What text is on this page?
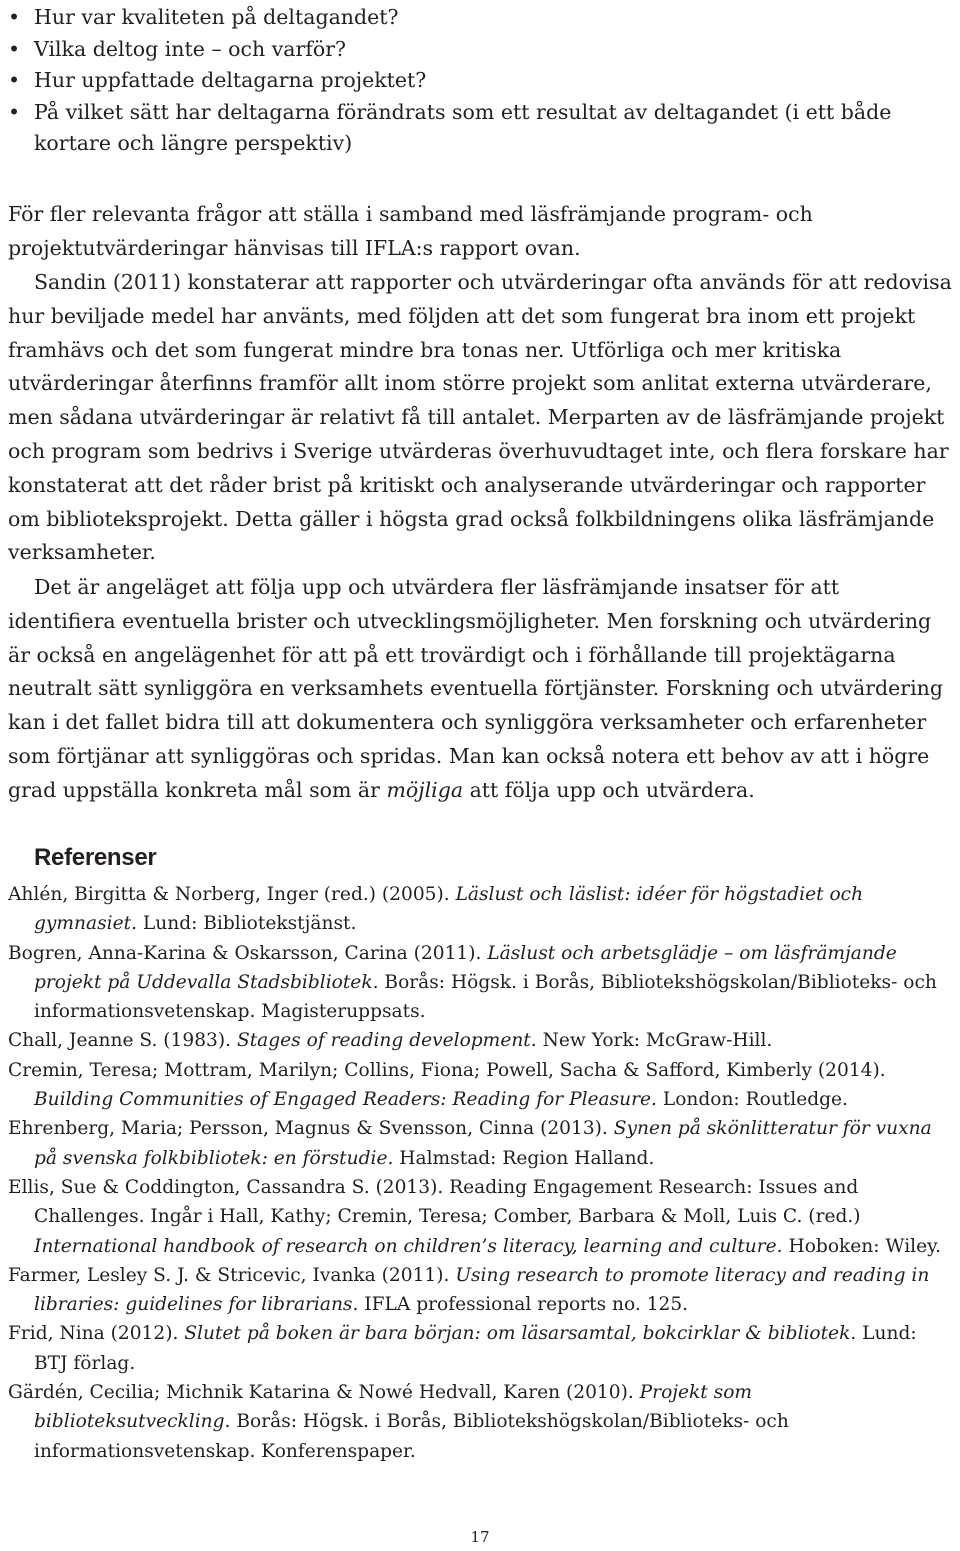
• Hur var kvaliteten på deltagandet?
• Vilka deltog inte – och varför?
• Hur uppfattade deltagarna projektet?
• På vilket sätt har deltagarna förändrats som ett resultat av deltagandet (i ett både kortare och längre perspektiv)

För fler relevanta frågor att ställa i samband med läsfrämjande program- och projektutvärderingar hänvisas till IFLA:s rapport ovan.

Sandin (2011) konstaterar att rapporter och utvärderingar ofta används för att redovisa hur beviljade medel har använts, med följden att det som fungerat bra inom ett projekt framhävs och det som fungerat mindre bra tonas ner. Utförliga och mer kritiska utvärderingar återfinns framför allt inom större projekt som anlitat externa utvärderare, men sådana utvärderingar är relativt få till antalet. Merparten av de läsfrämjande projekt och program som bedrivs i Sverige utvärderas överhuvudtaget inte, och flera forskare har konstaterat att det råder brist på kritiskt och analyserande utvärderingar och rapporter om biblioteksprojekt. Detta gäller i högsta grad också folkbildningens olika läsfrämjande verksamheter.

Det är angeläget att följa upp och utvärdera fler läsfrämjande insatser för att identifiera eventuella brister och utvecklingsmöjligheter. Men forskning och utvärdering är också en angelägenhet för att på ett trovärdigt och i förhållande till projektägarna neutralt sätt synliggöra en verksamhets eventuella förtjänster. Forskning och utvärdering kan i det fallet bidra till att dokumentera och synliggöra verksamheter och erfarenheter som förtjänar att synliggöras och spridas. Man kan också notera ett behov av att i högre grad uppställa konkreta mål som är möjliga att följa upp och utvärdera.

Referenser
Ahlén, Birgitta & Norberg, Inger (red.) (2005). Läslust och läslist: idéer för högstadiet och gymnasiet. Lund: Bibliotekstjänst.
Bogren, Anna-Karina & Oskarsson, Carina (2011). Läslust och arbetsglädje – om läsfrämjande projekt på Uddevalla Stadsbibliotek. Borås: Högsk. i Borås, Bibliotekshögskolan/Biblioteks- och informationsvetenskap. Magisteruppsats.
Chall, Jeanne S. (1983). Stages of reading development. New York: McGraw-Hill.
Cremin, Teresa; Mottram, Marilyn; Collins, Fiona; Powell, Sacha & Safford, Kimberly (2014). Building Communities of Engaged Readers: Reading for Pleasure. London: Routledge.
Ehrenberg, Maria; Persson, Magnus & Svensson, Cinna (2013). Synen på skönlitteratur för vuxna på svenska folkbibliotek: en förstudie. Halmstad: Region Halland.
Ellis, Sue & Coddington, Cassandra S. (2013). Reading Engagement Research: Issues and Challenges. Ingår i Hall, Kathy; Cremin, Teresa; Comber, Barbara & Moll, Luis C. (red.) International handbook of research on children’s literacy, learning and culture. Hoboken: Wiley.
Farmer, Lesley S. J. & Stricevic, Ivanka (2011). Using research to promote literacy and reading in libraries: guidelines for librarians. IFLA professional reports no. 125.
Frid, Nina (2012). Slutet på boken är bara början: om läsarsamtal, bokcirklar & bibliotek. Lund: BTJ förlag.
Gärdén, Cecilia; Michnik Katarina & Nowé Hedvall, Karen (2010). Projekt som biblioteksutveckling. Borås: Högsk. i Borås, Bibliotekshögskolan/Biblioteks- och informationsvetenskap. Konferenspaper.
17
